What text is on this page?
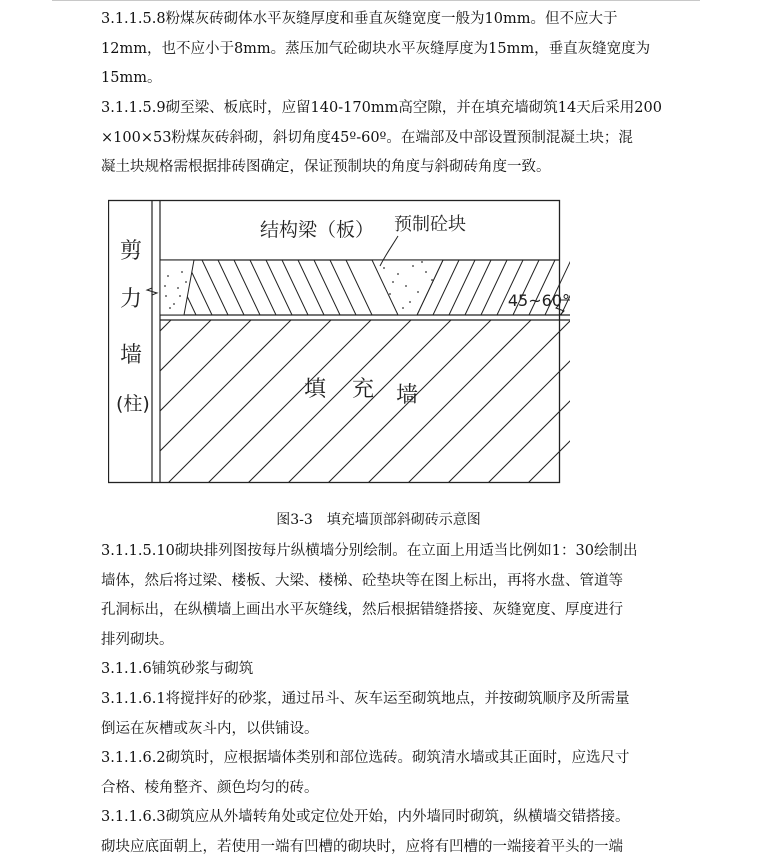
3.1.1.5.8粉煤灰砖砌体水平灰缝厚度和垂直灰缝宽度一般为10mm。但不应大于
12mm，也不应小于8mm。蒸压加气砼砌块水平灰缝厚度为15mm，垂直灰缝宽度为
15mm。
3.1.1.5.9砌至梁、板底时，应留140-170mm高空隙，并在填充墙砌筑14天后采用200
×100×53粉煤灰砖斜砌，斜切角度45º-60º。在端部及中部设置预制混凝土块；混
凝土块规格需根据排砖图确定，保证预制块的角度与斜砌砖角度一致。
结构梁（板） 预制砼块
剪
力
墙
(柱)
45~60°
填 充 墙
图3-3　填充墙顶部斜砌砖示意图
3.1.1.5.10砌块排列图按每片纵横墙分别绘制。在立面上用适当比例如1：30绘制出
墙体，然后将过梁、楼板、大梁、楼梯、砼垫块等在图上标出，再将水盘、管道等
孔洞标出，在纵横墙上画出水平灰缝线，然后根据错缝搭接、灰缝宽度、厚度进行
排列砌块。
3.1.1.6铺筑砂浆与砌筑
3.1.1.6.1将搅拌好的砂浆，通过吊斗、灰车运至砌筑地点，并按砌筑顺序及所需量
倒运在灰槽或灰斗内，以供铺设。
3.1.1.6.2砌筑时，应根据墙体类别和部位选砖。砌筑清水墙或其正面时，应选尺寸
合格、棱角整齐、颜色均匀的砖。
3.1.1.6.3砌筑应从外墙转角处或定位处开始，内外墙同时砌筑，纵横墙交错搭接。
砌块应底面朝上，若使用一端有凹槽的砌块时，应将有凹槽的一端接着平头的一端
